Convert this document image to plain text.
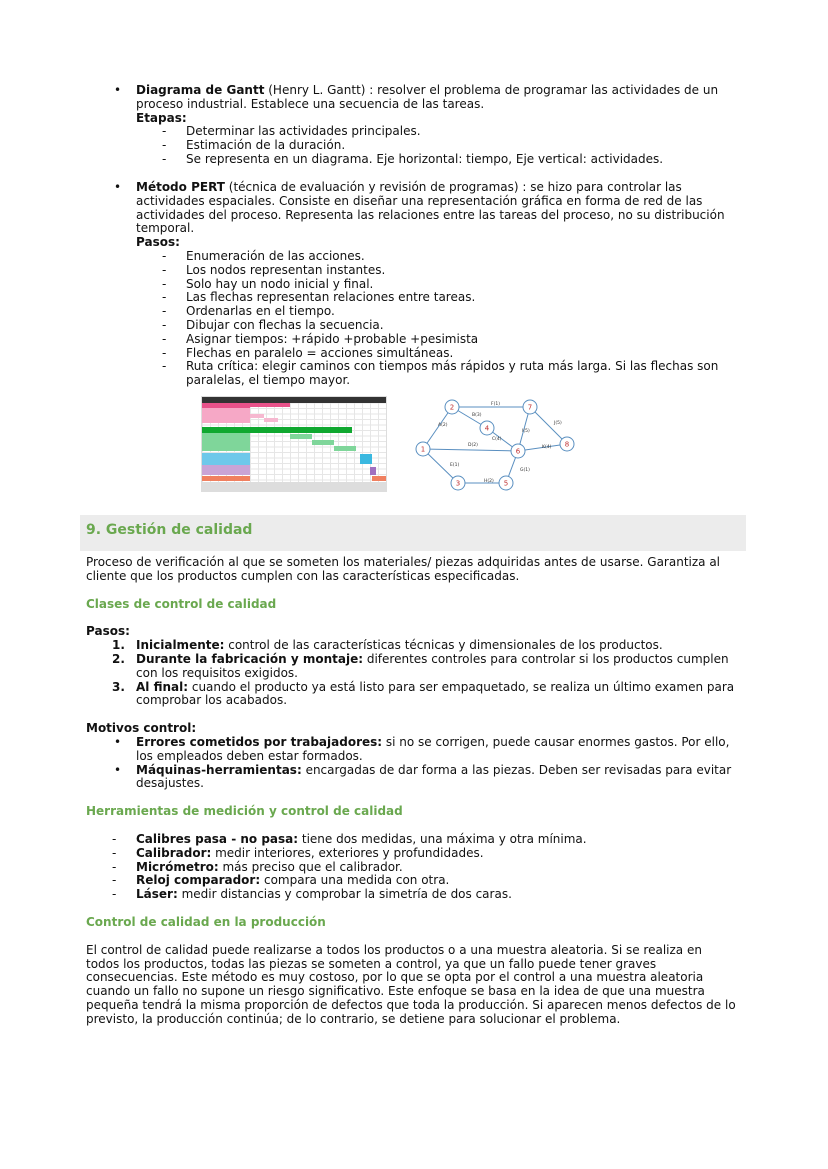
• Diagrama de Gantt (Henry L. Gantt) : resolver el problema de programar las actividades de un proceso industrial. Establece una secuencia de las tareas.

Etapas:

- Determinar las actividades principales.
- Estimación de la duración.
- Se representa en un diagrama. Eje horizontal: tiempo, Eje vertical: actividades.
• Método PERT (técnica de evaluación y revisión de programas) : se hizo para controlar las actividades espaciales. Consiste en diseñar una representación gráfica en forma de red de las actividades del proceso. Representa las relaciones entre las tareas del proceso, no su distribución temporal.

Pasos:

- Enumeración de las acciones.
- Los nodos representan instantes.
- Solo hay un nodo inicial y final.
- Las flechas representan relaciones entre tareas.
- Ordenarlas en el tiempo.
- Dibujar con flechas la secuencia.
- Asignar tiempos: +rápido +probable +pesimista
- Flechas en paralelo = acciones simultáneas.
- Ruta crítica: elegir caminos con tiempos más rápidos y ruta más larga. Si las flechas son paralelas, el tiempo mayor.
A(2)
B(3)
C(4)
F(1)
D(2)
E(1)
H(2)
G(1)
I(5)
J(5)
K(4)
1
2
3
4
5
6
7
8
9. Gestión de calidad

Proceso de verificación al que se someten los materiales/ piezas adquiridas antes de usarse. Garantiza al cliente que los productos cumplen con las características especificadas.

Clases de control de calidad

Pasos:

1. Inicialmente: control de las características técnicas y dimensionales de los productos.
2. Durante la fabricación y montaje: diferentes controles para controlar si los productos cumplen con los requisitos exigidos.
3. Al final: cuando el producto ya está listo para ser empaquetado, se realiza un último examen para comprobar los acabados.

Motivos control:

• Errores cometidos por trabajadores: si no se corrigen, puede causar enormes gastos. Por ello, los empleados deben estar formados.
• Máquinas-herramientas: encargadas de dar forma a las piezas. Deben ser revisadas para evitar desajustes.

Herramientas de medición y control de calidad

- Calibres pasa - no pasa: tiene dos medidas, una máxima y otra mínima.
- Calibrador: medir interiores, exteriores y profundidades.
- Micrómetro: más preciso que el calibrador.
- Reloj comparador: compara una medida con otra.
- Láser: medir distancias y comprobar la simetría de dos caras.

Control de calidad en la producción

El control de calidad puede realizarse a todos los productos o a una muestra aleatoria. Si se realiza en todos los productos, todas las piezas se someten a control, ya que un fallo puede tener graves consecuencias. Este método es muy costoso, por lo que se opta por el control a una muestra aleatoria cuando un fallo no supone un riesgo significativo. Este enfoque se basa en la idea de que una muestra pequeña tendrá la misma proporción de defectos que toda la producción. Si aparecen menos defectos de lo previsto, la producción continúa; de lo contrario, se detiene para solucionar el problema.
